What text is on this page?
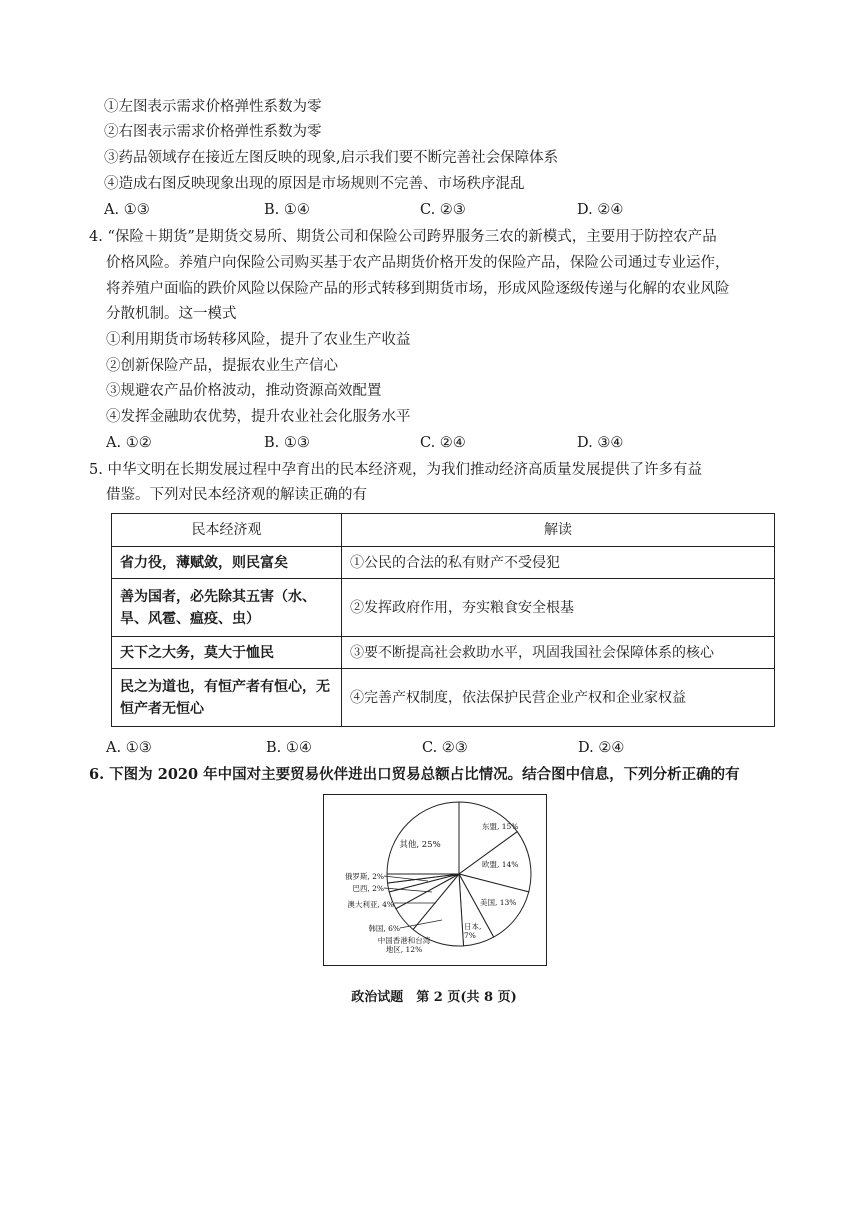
①左图表示需求价格弹性系数为零
②右图表示需求价格弹性系数为零
③药品领域存在接近左图反映的现象,启示我们要不断完善社会保障体系
④造成右图反映现象出现的原因是市场规则不完善、市场秩序混乱
A. ①③	B. ①④	C. ②③	D. ②④
4. “保险＋期货”是期货交易所、期货公司和保险公司跨界服务三农的新模式，主要用于防控农产品
价格风险。养殖户向保险公司购买基于农产品期货价格开发的保险产品，保险公司通过专业运作，
将养殖户面临的跌价风险以保险产品的形式转移到期货市场，形成风险逐级传递与化解的农业风险
分散机制。这一模式
①利用期货市场转移风险，提升了农业生产收益
②创新保险产品，提振农业生产信心
③规避农产品价格波动，推动资源高效配置
④发挥金融助农优势，提升农业社会化服务水平
A. ①②	B. ①③	C. ②④	D. ③④
5. 中华文明在长期发展过程中孕育出的民本经济观，为我们推动经济高质量发展提供了许多有益
借鉴。下列对民本经济观的解读正确的有
民本经济观	解读
省力役，薄赋敛，则民富矣	①公民的合法的私有财产不受侵犯
善为国者，必先除其五害（水、旱、风雹、瘟疫、虫）	②发挥政府作用，夯实粮食安全根基
天下之大务，莫大于恤民	③要不断提高社会救助水平，巩固我国社会保障体系的核心
民之为道也，有恒产者有恒心，无恒产者无恒心	④完善产权制度，依法保护民营企业产权和企业家权益
A. ①③	B. ①④	C. ②③	D. ②④
6. 下图为 2020 年中国对主要贸易伙伴进出口贸易总额占比情况。结合图中信息，下列分析正确的有
东盟, 15%
欧盟, 14%
美国, 13%
日本, 7%
中国香港和台湾地区, 12%
韩国, 6%
澳大利亚, 4%
巴西, 2%
俄罗斯, 2%
其他, 25%
政治试题　第 2 页(共 8 页)
